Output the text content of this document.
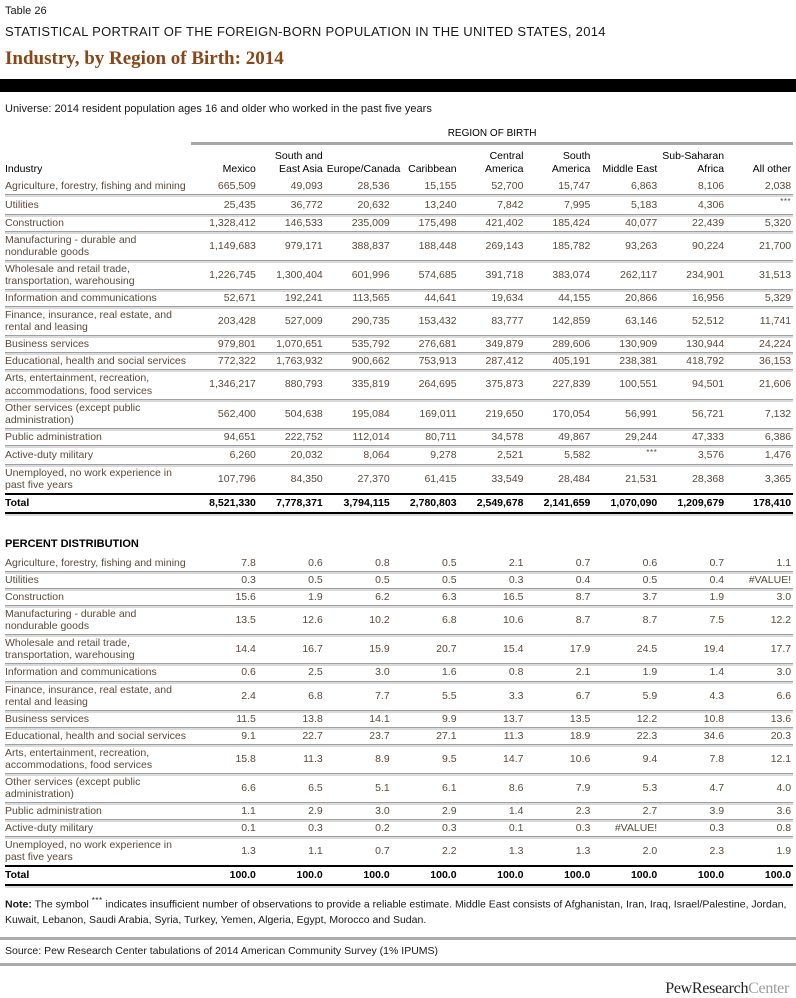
Table 26
STATISTICAL PORTRAIT OF THE FOREIGN-BORN POPULATION IN THE UNITED STATES, 2014
Industry, by Region of Birth: 2014
Universe: 2014 resident population ages 16 and older who worked in the past five years
	REGION OF BIRTH								
Industry	Mexico	South and East Asia	Europe/Canada	Caribbean	Central America	South America	Middle East	Sub-Saharan Africa	All other
Agriculture, forestry, fishing and mining	665,509	49,093	28,536	15,155	52,700	15,747	6,863	8,106	2,038
Utilities	25,435	36,772	20,632	13,240	7,842	7,995	5,183	4,306	***
Construction	1,328,412	146,533	235,009	175,498	421,402	185,424	40,077	22,439	5,320
Manufacturing - durable and nondurable goods	1,149,683	979,171	388,837	188,448	269,143	185,782	93,263	90,224	21,700
Wholesale and retail trade, transportation, warehousing	1,226,745	1,300,404	601,996	574,685	391,718	383,074	262,117	234,901	31,513
Information and communications	52,671	192,241	113,565	44,641	19,634	44,155	20,866	16,956	5,329
Finance, insurance, real estate, and rental and leasing	203,428	527,009	290,735	153,432	83,777	142,859	63,146	52,512	11,741
Business services	979,801	1,070,651	535,792	276,681	349,879	289,606	130,909	130,944	24,224
Educational, health and social services	772,322	1,763,932	900,662	753,913	287,412	405,191	238,381	418,792	36,153
Arts, entertainment, recreation, accommodations, food services	1,346,217	880,793	335,819	264,695	375,873	227,839	100,551	94,501	21,606
Other services (except public administration)	562,400	504,638	195,084	169,011	219,650	170,054	56,991	56,721	7,132
Public administration	94,651	222,752	112,014	80,711	34,578	49,867	29,244	47,333	6,386
Active-duty military	6,260	20,032	8,064	9,278	2,521	5,582	***	3,576	1,476
Unemployed, no work experience in past five years	107,796	84,350	27,370	61,415	33,549	28,484	21,531	28,368	3,365
Total	8,521,330	7,778,371	3,794,115	2,780,803	2,549,678	2,141,659	1,070,090	1,209,679	178,410
PERCENT DISTRIBUTION									
Agriculture, forestry, fishing and mining	7.8	0.6	0.8	0.5	2.1	0.7	0.6	0.7	1.1
Utilities	0.3	0.5	0.5	0.5	0.3	0.4	0.5	0.4	#VALUE!
Construction	15.6	1.9	6.2	6.3	16.5	8.7	3.7	1.9	3.0
Manufacturing - durable and nondurable goods	13.5	12.6	10.2	6.8	10.6	8.7	8.7	7.5	12.2
Wholesale and retail trade, transportation, warehousing	14.4	16.7	15.9	20.7	15.4	17.9	24.5	19.4	17.7
Information and communications	0.6	2.5	3.0	1.6	0.8	2.1	1.9	1.4	3.0
Finance, insurance, real estate, and rental and leasing	2.4	6.8	7.7	5.5	3.3	6.7	5.9	4.3	6.6
Business services	11.5	13.8	14.1	9.9	13.7	13.5	12.2	10.8	13.6
Educational, health and social services	9.1	22.7	23.7	27.1	11.3	18.9	22.3	34.6	20.3
Arts, entertainment, recreation, accommodations, food services	15.8	11.3	8.9	9.5	14.7	10.6	9.4	7.8	12.1
Other services (except public administration)	6.6	6.5	5.1	6.1	8.6	7.9	5.3	4.7	4.0
Public administration	1.1	2.9	3.0	2.9	1.4	2.3	2.7	3.9	3.6
Active-duty military	0.1	0.3	0.2	0.3	0.1	0.3	#VALUE!	0.3	0.8
Unemployed, no work experience in past five years	1.3	1.1	0.7	2.2	1.3	1.3	2.0	2.3	1.9
Total	100.0	100.0	100.0	100.0	100.0	100.0	100.0	100.0	100.0
Note: The symbol *** indicates insufficient number of observations to provide a reliable estimate. Middle East consists of Afghanistan, Iran, Iraq, Israel/Palestine, Jordan, Kuwait, Lebanon, Saudi Arabia, Syria, Turkey, Yemen, Algeria, Egypt, Morocco and Sudan.
Source: Pew Research Center tabulations of 2014 American Community Survey (1% IPUMS)
PewResearchCenter
